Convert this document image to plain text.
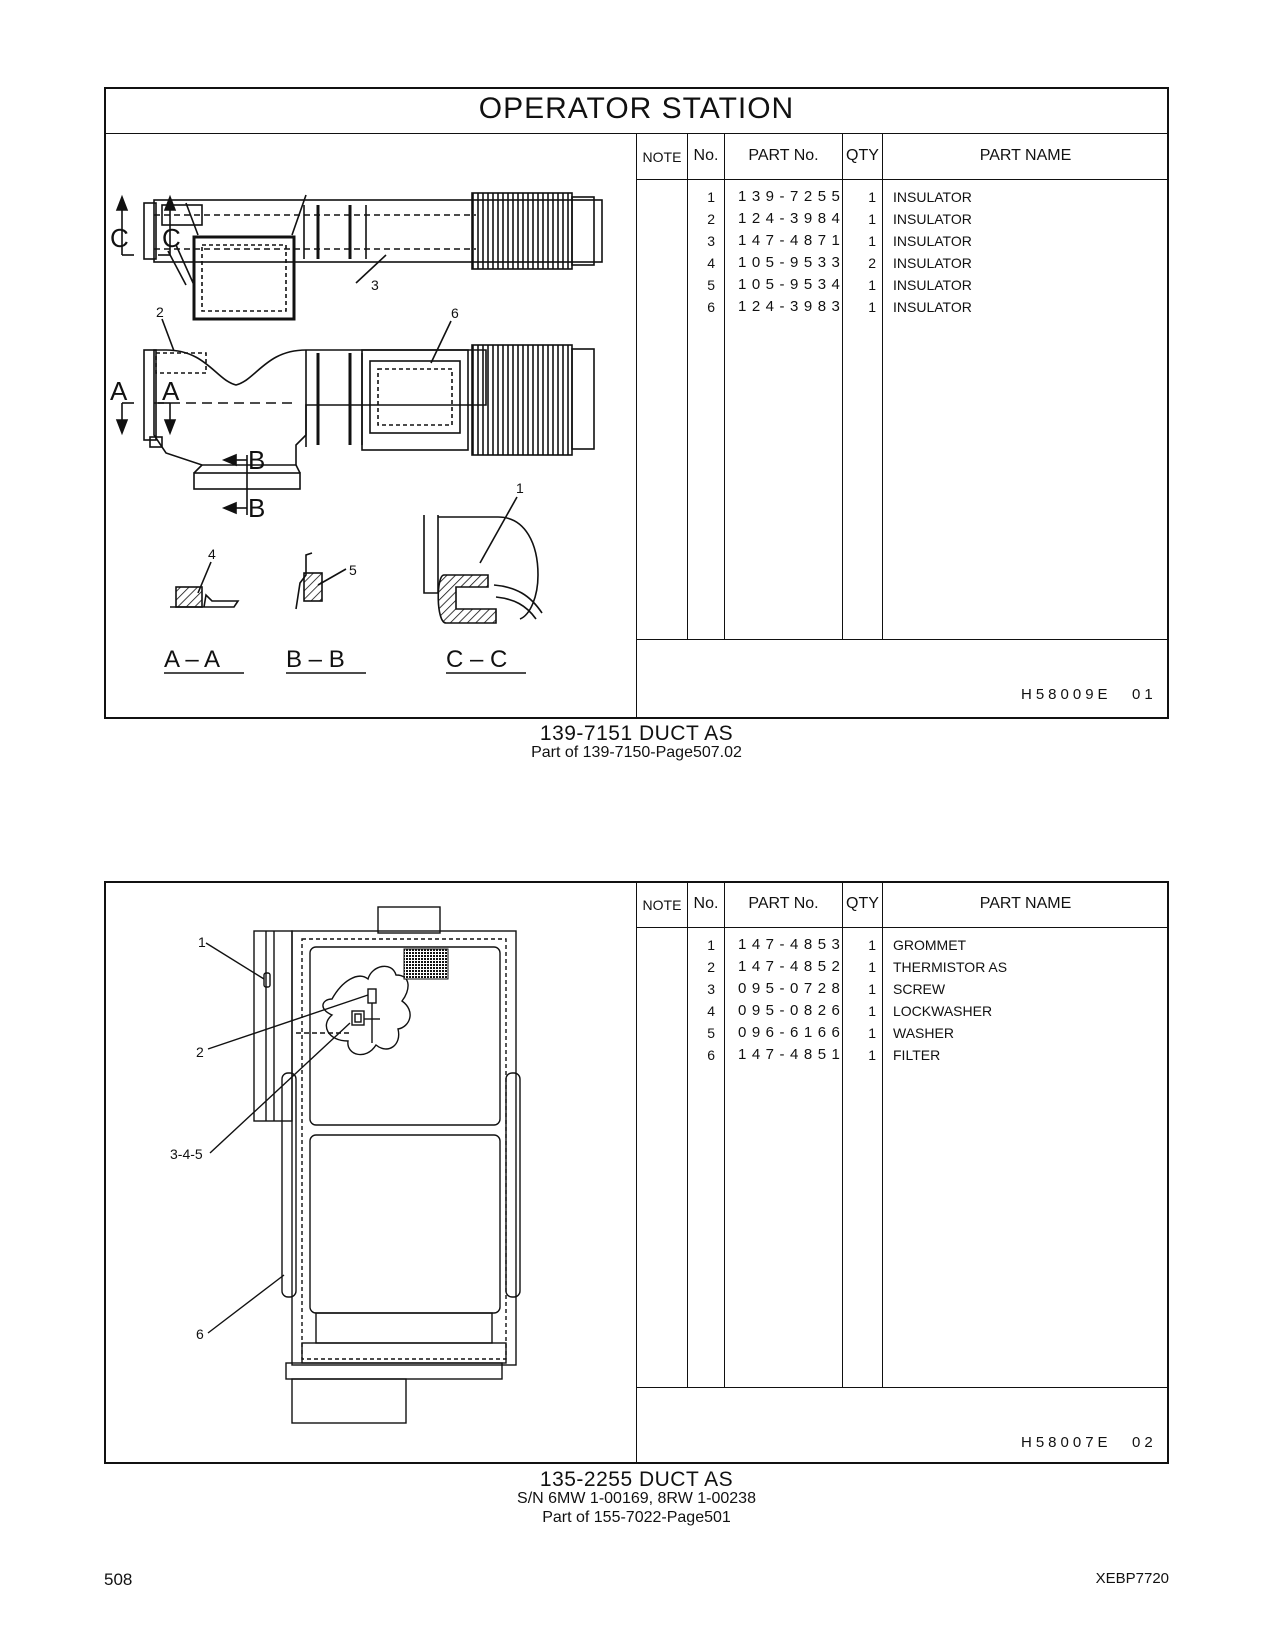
OPERATOR STATION
NOTE No.	PART No.	QTY	PART NAME
1 139-7255	1 INSULATOR
2 124-3984	1 INSULATOR
3 147-4871	1 INSULATOR
4 105-9533	2 INSULATOR
5 105-9534	1 INSULATOR
6 124-3983	1 INSULATOR
H58009E 01
C C
A A
B
B
3
2	6
1
4
5
A – A	B – B	C – C
139-7151 DUCT AS
Part of 139-7150-Page507.02
NOTE No.	PART No.	QTY	PART NAME
1 147-4853	1 GROMMET
2 147-4852	1 THERMISTOR AS
3 095-0728	1 SCREW
4 095-0826	1 LOCKWASHER
5 096-6166	1 WASHER
6 147-4851	1 FILTER
H58007E 02
1
2
3-4-5
6
135-2255 DUCT AS
S/N 6MW 1-00169, 8RW 1-00238
Part of 155-7022-Page501
508	XEBP7720
